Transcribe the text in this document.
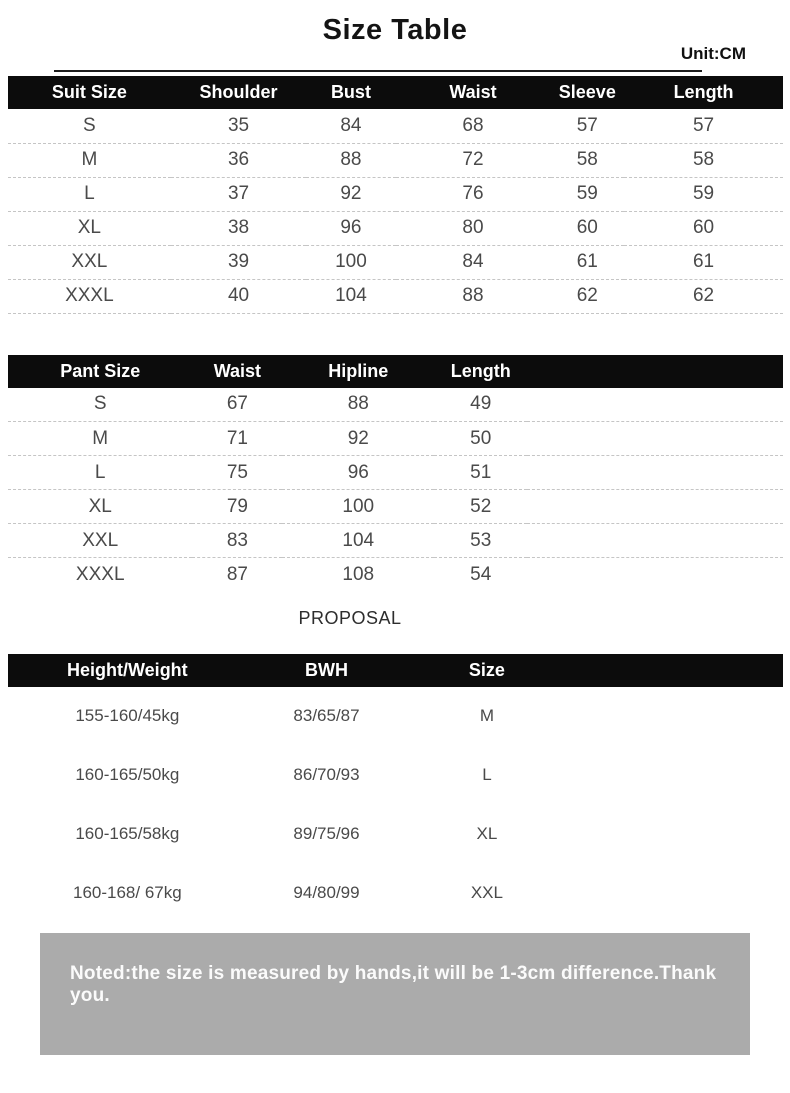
Size Table
Unit:CM
Suit Size	Shoulder	Bust	Waist	Sleeve	Length
S	35	84	68	57	57
M	36	88	72	58	58
L	37	92	76	59	59
XL	38	96	80	60	60
XXL	39	100	84	61	61
XXXL	40	104	88	62	62
Pant Size	Waist	Hipline	Length	
S	67	88	49	
M	71	92	50	
L	75	96	51	
XL	79	100	52	
XXL	83	104	53	
XXXL	87	108	54	
PROPOSAL
Height/Weight	BWH	Size	
155-160/45kg	83/65/87	M	
160-165/50kg	86/70/93	L	
160-165/58kg	89/75/96	XL	
160-168/ 67kg	94/80/99	XXL	
Noted:the size is measured by hands,it will be 1-3cm difference.Thank you.
